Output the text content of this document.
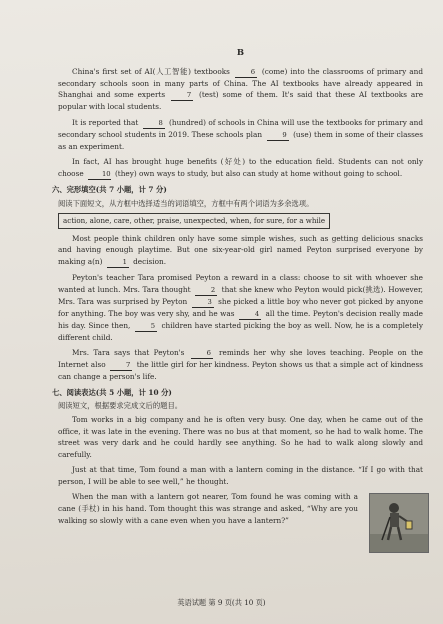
B

China's first set of AI(人工智能) textbooks	6 (come) into the classrooms of primary and secondary schools soon in many parts of China. The AI textbooks have already appeared in Shanghai and some experts	7 (test) some of them. It's said that these AI textbooks are popular with local students.

It is reported that	8 (hundred) of schools in China will use the textbooks for primary and secondary school students in 2019. These schools plan	9 (use) them in some of their classes as an experiment.

In fact, AI has brought huge benefits (好处) to the education field. Students can not only choose	10 (they) own ways to study, but also can study at home without going to school.

六、完形填空(共 7 小题，计 7 分)
阅读下面短文，从方框中选择适当的词语填空，方框中有两个词语为多余选项。
action, alone, care, other, praise, unexpected, when, for sure, for a while

Most people think children only have some simple wishes, such as getting delicious snacks and having enough playtime. But one six-year-old girl named Peyton surprised everyone by making a(n)	1 decision.

Peyton's teacher Tara promised Peyton a reward in a class: choose to sit with whoever she wanted at lunch. Mrs. Tara thought	2 that she knew who Peyton would pick(挑选). However, Mrs. Tara was surprised by Peyton	3 she picked a little boy who never got picked by anyone for anything. The boy was very shy, and he was	4 all the time. Peyton's decision really made his day. Since then,	5 children have started picking the boy as well. Now, he is a completely different child.

Mrs. Tara says that Peyton's	6 reminds her why she loves teaching. People on the Internet also	7 the little girl for her kindness. Peyton shows us that a simple act of kindness can change a person's life.

七、阅读表达(共 5 小题，计 10 分)
阅读短文，根据要求完成文后的题目。

Tom works in a big company and he is often very busy. One day, when he came out of the office, it was late in the evening. There was no bus at that moment, so he had to walk home. The street was very dark and he could hardly see anything. So he had to walk along slowly and carefully.

Just at that time, Tom found a man with a lantern coming in the distance. “If I go with that person, I will be able to see well,” he thought.

When the man with a lantern got nearer, Tom found he was coming with a cane (手杖) in his hand. Tom thought this was strange and asked, “Why are you walking so slowly with a cane even when you have a lantern?”

英语试题 第 9 页(共 10 页)
